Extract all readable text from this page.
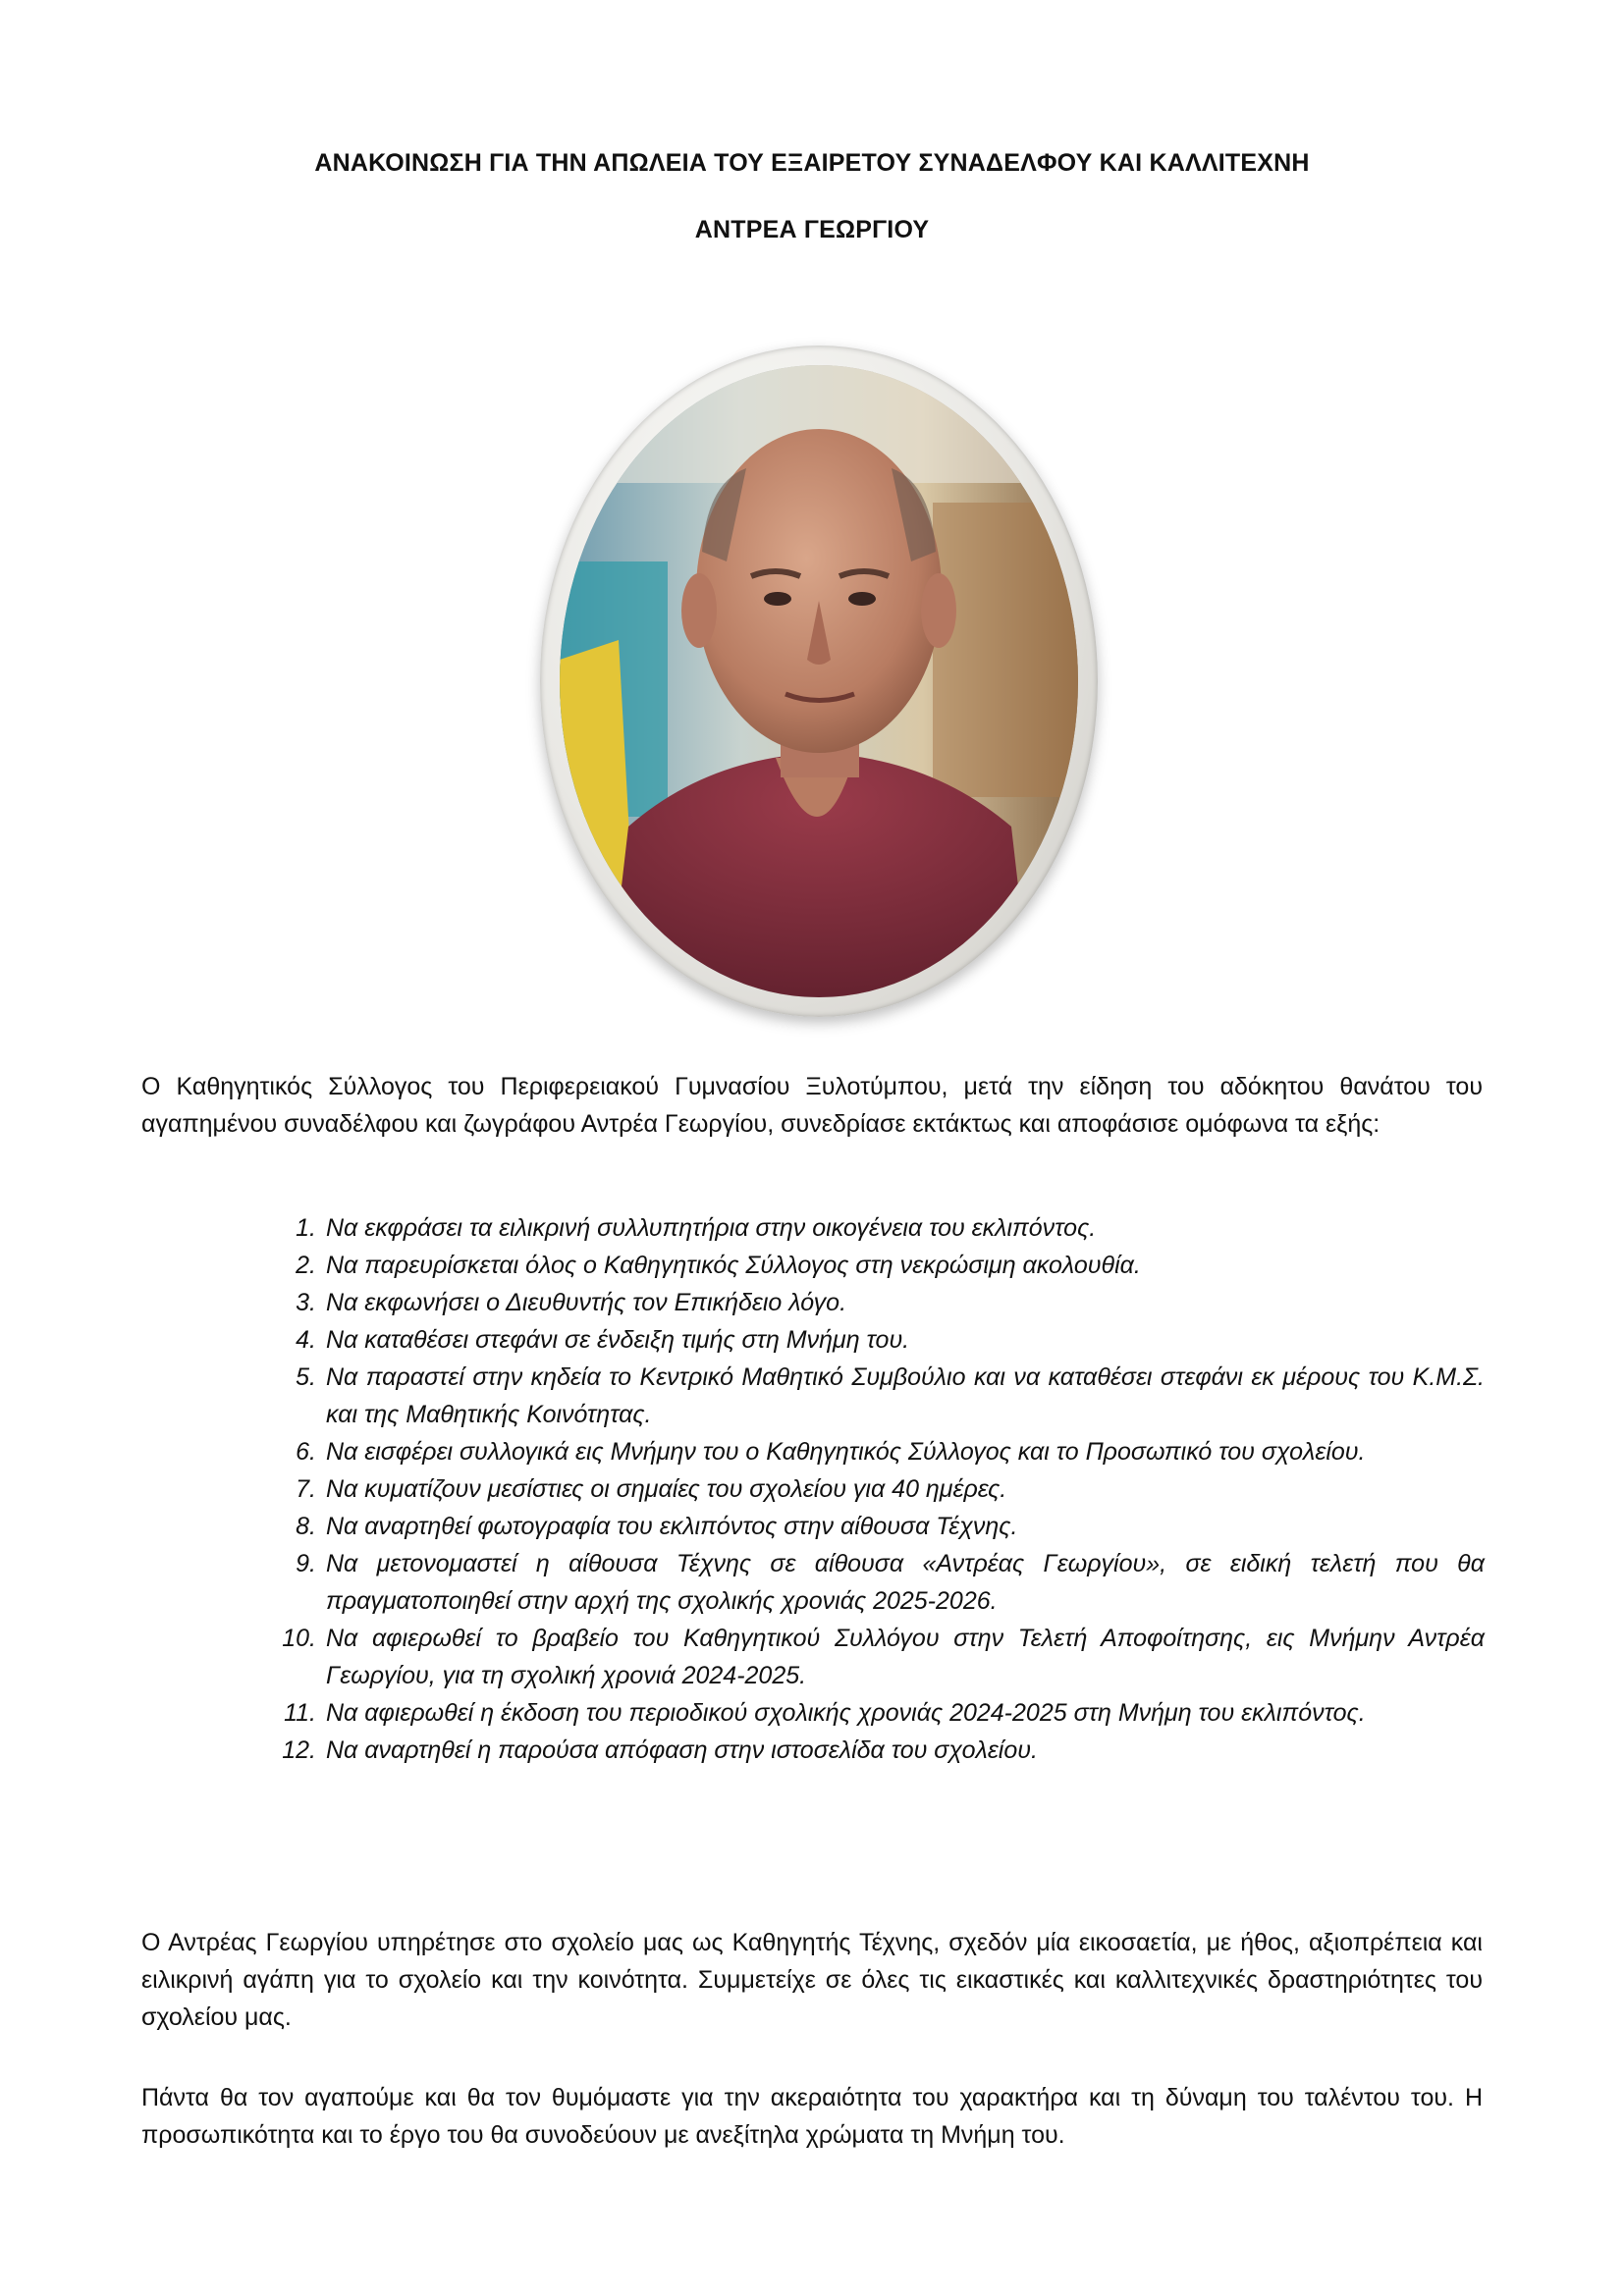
ΑΝΑΚΟΙΝΩΣΗ ΓΙΑ ΤΗΝ ΑΠΩΛΕΙΑ ΤΟΥ ΕΞΑΙΡΕΤΟΥ ΣΥΝΑΔΕΛΦΟΥ ΚΑΙ ΚΑΛΛΙΤΕΧΝΗ
ΑΝΤΡΕΑ ΓΕΩΡΓΙΟΥ
Ο Καθηγητικός Σύλλογος του Περιφερειακού Γυμνασίου Ξυλοτύμπου, μετά την είδηση του αδόκητου θανάτου του αγαπημένου συναδέλφου και ζωγράφου Αντρέα Γεωργίου, συνεδρίασε εκτάκτως και αποφάσισε ομόφωνα τα εξής:
1. Να εκφράσει τα ειλικρινή συλλυπητήρια στην οικογένεια του εκλιπόντος.
2. Να παρευρίσκεται όλος ο Καθηγητικός Σύλλογος στη νεκρώσιμη ακολουθία.
3. Να εκφωνήσει ο Διευθυντής τον Επικήδειο λόγο.
4. Να καταθέσει στεφάνι σε ένδειξη τιμής στη Μνήμη του.
5. Να παραστεί στην κηδεία το Κεντρικό Μαθητικό Συμβούλιο και να καταθέσει στεφάνι εκ μέρους του Κ.Μ.Σ. και της Μαθητικής Κοινότητας.
6. Να εισφέρει συλλογικά εις Μνήμην του ο Καθηγητικός Σύλλογος και το Προσωπικό του σχολείου.
7. Να κυματίζουν μεσίστιες οι σημαίες του σχολείου για 40 ημέρες.
8. Να αναρτηθεί φωτογραφία του εκλιπόντος στην αίθουσα Τέχνης.
9. Να μετονομαστεί η αίθουσα Τέχνης σε αίθουσα «Αντρέας Γεωργίου», σε ειδική τελετή που θα πραγματοποιηθεί στην αρχή της σχολικής χρονιάς 2025-2026.
10. Να αφιερωθεί το βραβείο του Καθηγητικού Συλλόγου στην Τελετή Αποφοίτησης, εις Μνήμην Αντρέα Γεωργίου, για τη σχολική χρονιά 2024-2025.
11. Να αφιερωθεί η έκδοση του περιοδικού σχολικής χρονιάς 2024-2025 στη Μνήμη του εκλιπόντος.
12. Να αναρτηθεί η παρούσα απόφαση στην ιστοσελίδα του σχολείου.
Ο Αντρέας Γεωργίου υπηρέτησε στο σχολείο μας ως Καθηγητής Τέχνης, σχεδόν μία εικοσαετία, με ήθος, αξιοπρέπεια και ειλικρινή αγάπη για το σχολείο και την κοινότητα. Συμμετείχε σε όλες τις εικαστικές και καλλιτεχνικές δραστηριότητες του σχολείου μας.
Πάντα θα τον αγαπούμε και θα τον θυμόμαστε για την ακεραιότητα του χαρακτήρα και τη δύναμη του ταλέντου του. Η προσωπικότητα και το έργο του θα συνοδεύουν με ανεξίτηλα χρώματα τη Μνήμη του.
